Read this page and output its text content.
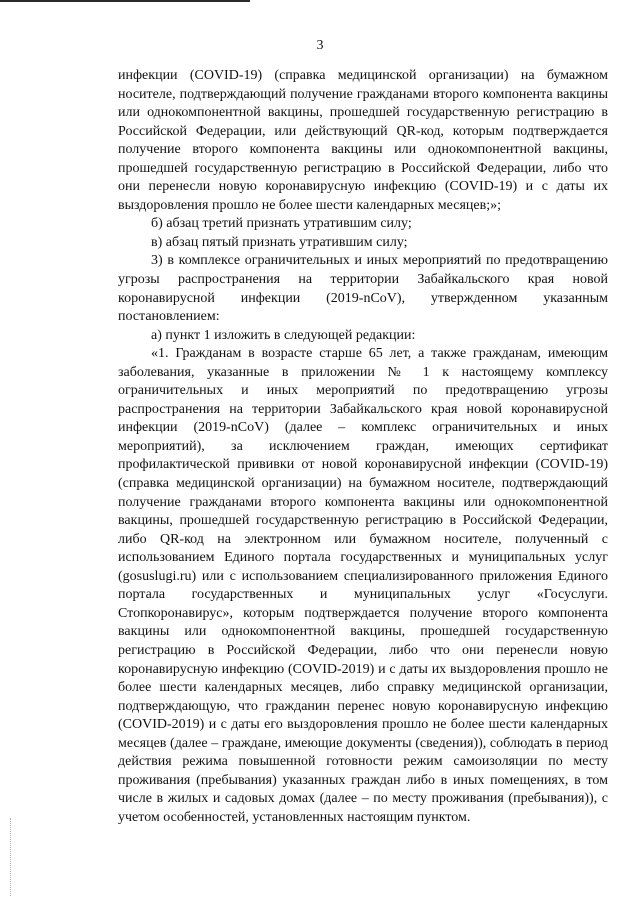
3

инфекции (COVID-19) (справка медицинской организации) на бумажном носителе, подтверждающий получение гражданами второго компонента вакцины или однокомпонентной вакцины, прошедшей государственную регистрацию в Российской Федерации, или действующий QR-код, которым подтверждается получение второго компонента вакцины или однокомпонентной вакцины, прошедшей государственную регистрацию в Российской Федерации, либо что они перенесли новую коронавирусную инфекцию (COVID-19) и с даты их выздоровления прошло не более шести календарных месяцев;»;

б) абзац третий признать утратившим силу;

в) абзац пятый признать утратившим силу;

3) в комплексе ограничительных и иных мероприятий по предотвращению угрозы распространения на территории Забайкальского края новой коронавирусной инфекции (2019-nCoV), утвержденном указанным постановлением:

а) пункт 1 изложить в следующей редакции:

«1. Гражданам в возрасте старше 65 лет, а также гражданам, имеющим заболевания, указанные в приложении № 1 к настоящему комплексу ограничительных и иных мероприятий по предотвращению угрозы распространения на территории Забайкальского края новой коронавирусной инфекции (2019-nCoV) (далее – комплекс ограничительных и иных мероприятий), за исключением граждан, имеющих сертификат профилактической прививки от новой коронавирусной инфекции (COVID-19) (справка медицинской организации) на бумажном носителе, подтверждающий получение гражданами второго компонента вакцины или однокомпонентной вакцины, прошедшей государственную регистрацию в Российской Федерации, либо QR-код на электронном или бумажном носителе, полученный с использованием Единого портала государственных и муниципальных услуг (gosuslugi.ru) или с использованием специализированного приложения Единого портала государственных и муниципальных услуг «Госуслуги. Стопкоронавирус», которым подтверждается получение второго компонента вакцины или однокомпонентной вакцины, прошедшей государственную регистрацию в Российской Федерации, либо что они перенесли новую коронавирусную инфекцию (COVID-2019) и с даты их выздоровления прошло не более шести календарных месяцев, либо справку медицинской организации, подтверждающую, что гражданин перенес новую коронавирусную инфекцию (COVID-2019) и с даты его выздоровления прошло не более шести календарных месяцев (далее – граждане, имеющие документы (сведения)), соблюдать в период действия режима повышенной готовности режим самоизоляции по месту проживания (пребывания) указанных граждан либо в иных помещениях, в том числе в жилых и садовых домах (далее – по месту проживания (пребывания)), с учетом особенностей, установленных настоящим пунктом.
